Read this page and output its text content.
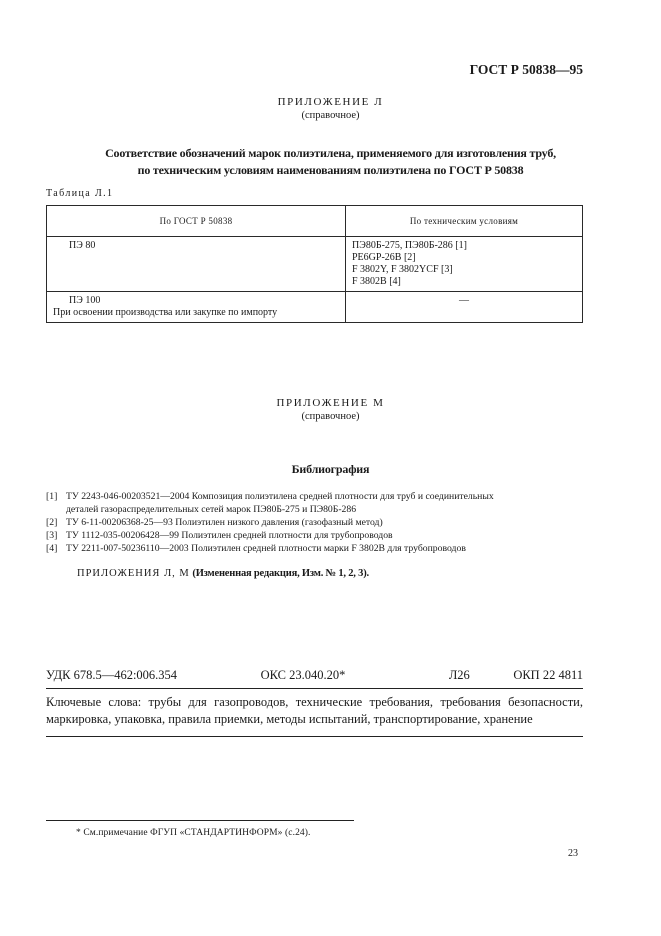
ГОСТ Р 50838—95
ПРИЛОЖЕНИЕ Л
(справочное)
Соответствие обозначений марок полиэтилена, применяемого для изготовления труб,
по техническим условиям наименованиям полиэтилена по ГОСТ Р 50838
Таблица Л.1
По ГОСТ Р 50838	По техническим условиям
ПЭ 80	ПЭ80Б-275, ПЭ80Б-286 [1]
PE6GP-26B [2]
F 3802Y, F 3802YCF [3]
F 3802B [4]

ПЭ 100
При освоении производства или закупке по импорту	—
ПРИЛОЖЕНИЕ М
(справочное)
Библиография
[1] ТУ 2243-046-00203521—2004 Композиция полиэтилена средней плотности для труб и соединительных
деталей газораспределительных сетей марок ПЭ80Б-275 и ПЭ80Б-286
[2] ТУ 6-11-00206368-25—93 Полиэтилен низкого давления (газофазный метод)
[3] ТУ 1112-035-00206428—99 Полиэтилен средней плотности для трубопроводов
[4] ТУ 2211-007-50236110—2003 Полиэтилен средней плотности марки F 3802В для трубопроводов
ПРИЛОЖЕНИЯ Л, М (Измененная редакция, Изм. № 1, 2, 3).
УДК 678.5—462:006.354	ОКС 23.040.20*	Л26	ОКП 22 4811
Ключевые слова: трубы для газопроводов, технические требования, требования безопасности, маркировка, упаковка, правила приемки, методы испытаний, транспортирование, хранение
* См.примечание ФГУП «СТАНДАРТИНФОРМ» (с.24).
23
